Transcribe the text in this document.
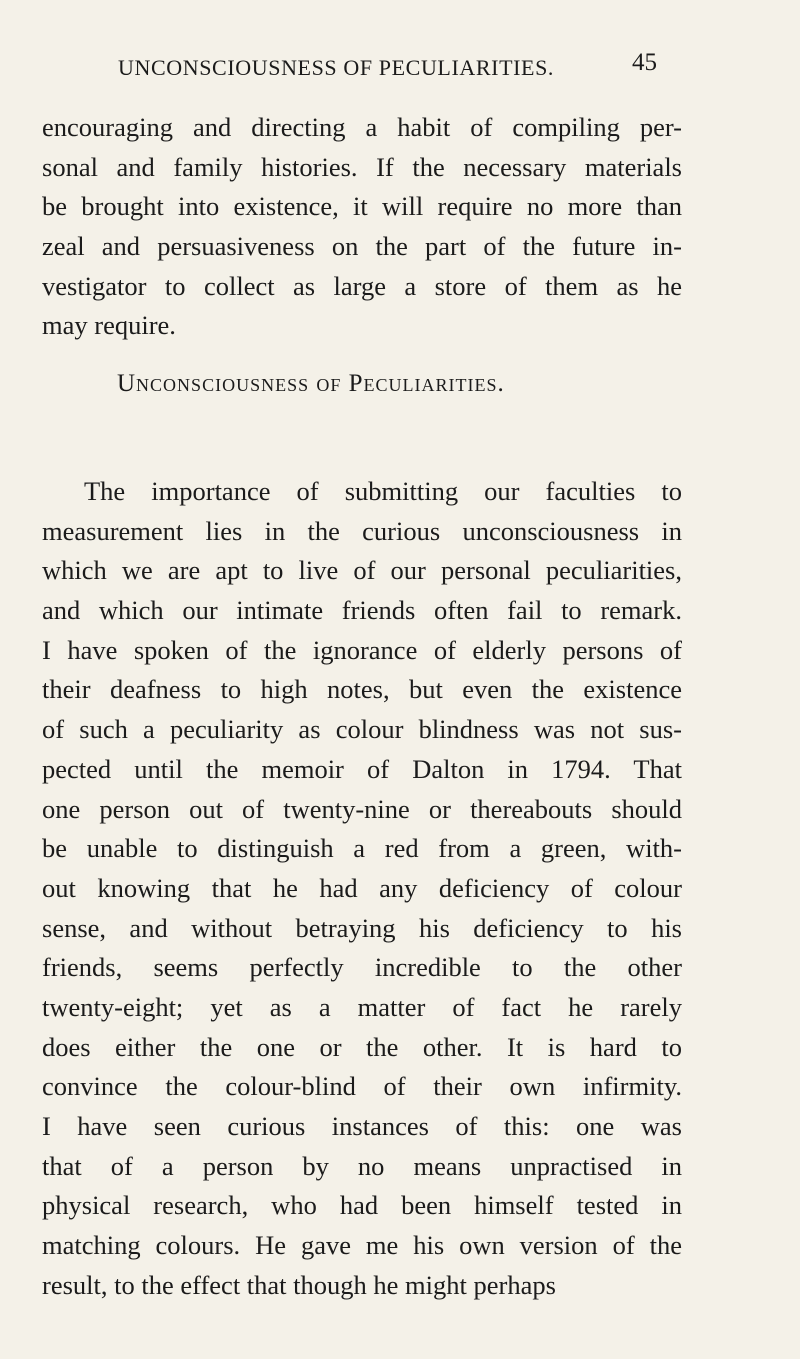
UNCONSCIOUSNESS OF PECULIARITIES.	45
encouraging and directing a habit of compiling per-
sonal and family histories. If the necessary materials
be brought into existence, it will require no more than
zeal and persuasiveness on the part of the future in-
vestigator to collect as large a store of them as he
may require.
Unconsciousness of Peculiarities.
The importance of submitting our faculties to
measurement lies in the curious unconsciousness in
which we are apt to live of our personal peculiarities,
and which our intimate friends often fail to remark.
I have spoken of the ignorance of elderly persons of
their deafness to high notes, but even the existence
of such a peculiarity as colour blindness was not sus-
pected until the memoir of Dalton in 1794. That
one person out of twenty-nine or thereabouts should
be unable to distinguish a red from a green, with-
out knowing that he had any deficiency of colour
sense, and without betraying his deficiency to his
friends, seems perfectly incredible to the other
twenty-eight; yet as a matter of fact he rarely
does either the one or the other. It is hard to
convince the colour-blind of their own infirmity.
I have seen curious instances of this: one was
that of a person by no means unpractised in
physical research, who had been himself tested in
matching colours. He gave me his own version of the
result, to the effect that though he might perhaps
